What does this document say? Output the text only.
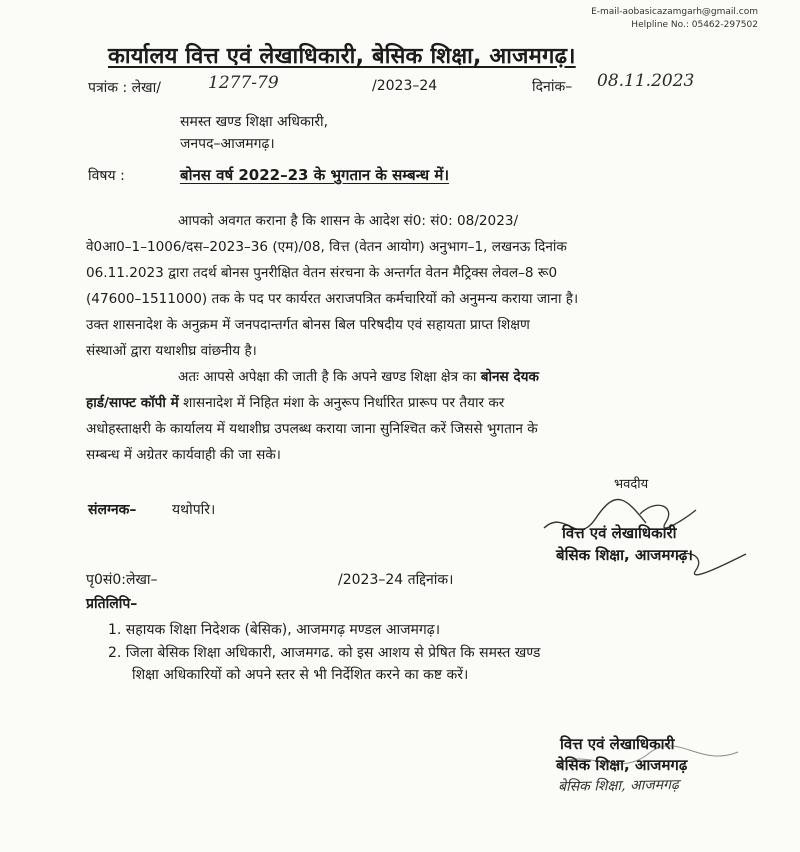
E-mail-aobasicazamgarh@gmail.com
Helpline No.: 05462-297502
कार्यालय वित्त एवं लेखाधिकारी, बेसिक शिक्षा, आजमगढ़।
पत्रांक : लेखा/	1277-79	/2023–24	दिनांक– 08.11.2023
समस्त खण्ड शिक्षा अधिकारी,
जनपद–आजमगढ़।
विषय :	बोनस वर्ष 2022–23 के भुगतान के सम्बन्ध में।
आपको अवगत कराना है कि शासन के आदेश सं0: सं0: 08/2023/
वे0आ0–1–1006/दस–2023–36 (एम)/08, वित्त (वेतन आयोग) अनुभाग–1, लखनऊ दिनांक
06.11.2023 द्वारा तदर्थ बोनस पुनरीक्षित वेतन संरचना के अन्तर्गत वेतन मैट्रिक्स लेवल–8 रू0
(47600–1511000) तक के पद पर कार्यरत अराजपत्रित कर्मचारियों को अनुमन्य कराया जाना है।
उक्त शासनादेश के अनुक्रम में जनपदान्तर्गत बोनस बिल परिषदीय एवं सहायता प्राप्त शिक्षण
संस्थाओं द्वारा यथाशीघ्र वांछनीय है।
अतः आपसे अपेक्षा की जाती है कि अपने खण्ड शिक्षा क्षेत्र का बोनस देयक
हार्ड/साफ्ट कॉपी में शासनादेश में निहित मंशा के अनुरूप निर्धारित प्रारूप पर तैयार कर
अधोहस्ताक्षरी के कार्यालय में यथाशीघ्र उपलब्ध कराया जाना सुनिश्चित करें जिससे भुगतान के
सम्बन्ध में अग्रेतर कार्यवाही की जा सके।
भवदीय
संलग्नक–	यथोपरि।
वित्त एवं लेखाधिकारी
बेसिक शिक्षा, आजमगढ़।
पृ0सं0:लेखा–	/2023–24 तद्दिनांक।
प्रतिलिपि–
1. सहायक शिक्षा निदेशक (बेसिक), आजमगढ़ मण्डल आजमगढ़।
2. जिला बेसिक शिक्षा अधिकारी, आजमगढ. को इस आशय से प्रेषित कि समस्त खण्ड
शिक्षा अधिकारियों को अपने स्तर से भी निर्देशित करने का कष्ट करें।
वित्त एवं लेखाधिकारी
बेसिक शिक्षा, आजमगढ़
बेसिक शिक्षा, आजमगढ़
